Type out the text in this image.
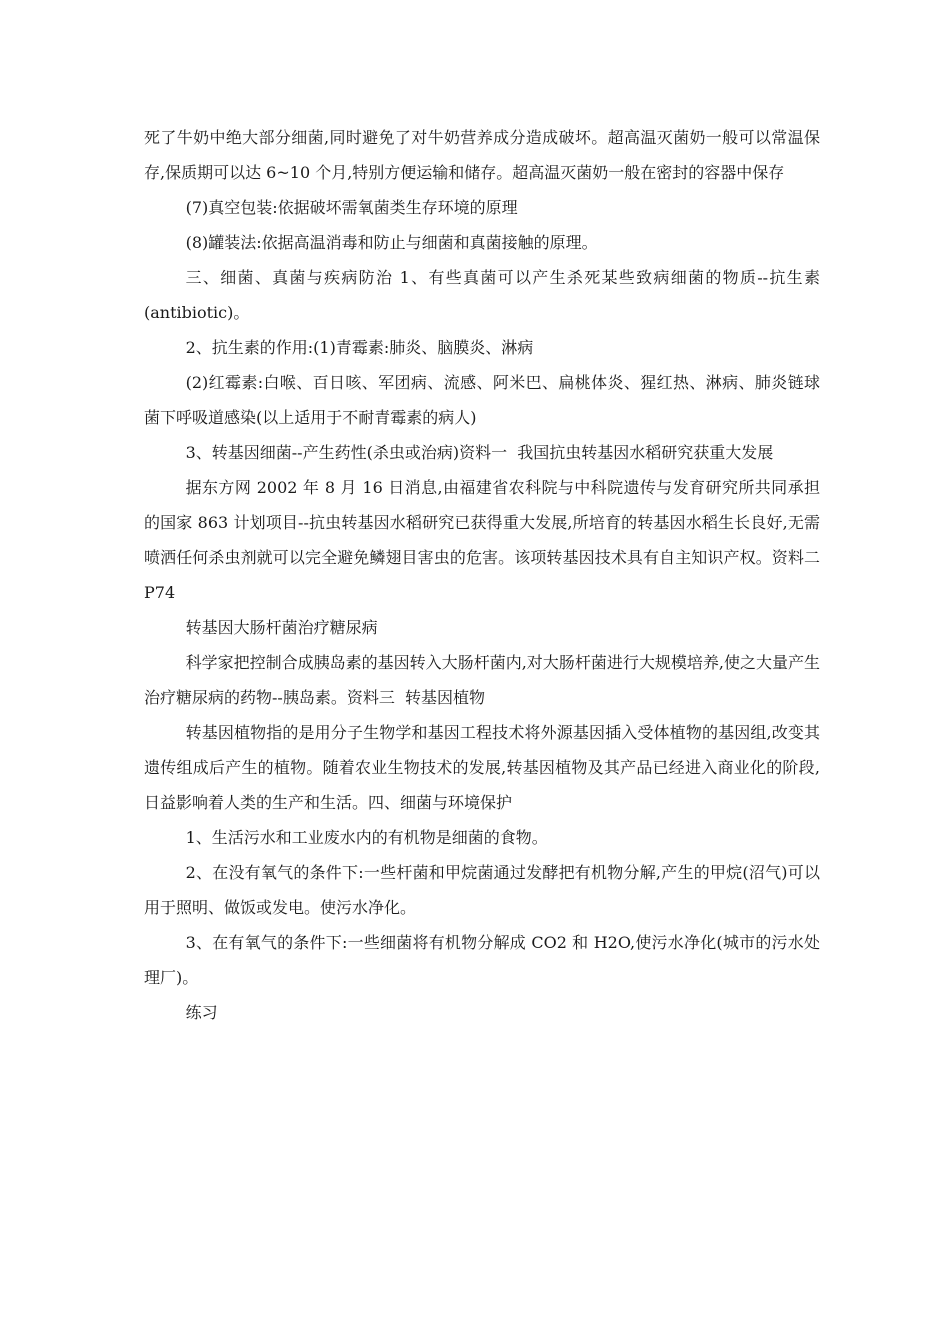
死了牛奶中绝大部分细菌,同时避免了对牛奶营养成分造成破坏。超高温灭菌奶一般可以常温保存,保质期可以达 6~10 个月,特别方便运输和储存。超高温灭菌奶一般在密封的容器中保存

(7)真空包装:依据破坏需氧菌类生存环境的原理

(8)罐装法:依据高温消毒和防止与细菌和真菌接触的原理。

三、细菌、真菌与疾病防治 1、有些真菌可以产生杀死某些致病细菌的物质--抗生素(antibiotic)。

2、抗生素的作用:(1)青霉素:肺炎、脑膜炎、淋病

(2)红霉素:白喉、百日咳、军团病、流感、阿米巴、扁桃体炎、猩红热、淋病、肺炎链球菌下呼吸道感染(以上适用于不耐青霉素的病人)

3、转基因细菌--产生药性(杀虫或治病)资料一  我国抗虫转基因水稻研究获重大发展

据东方网 2002 年 8 月 16 日消息,由福建省农科院与中科院遗传与发育研究所共同承担的国家 863 计划项目--抗虫转基因水稻研究已获得重大发展,所培育的转基因水稻生长良好,无需喷洒任何杀虫剂就可以完全避免鳞翅目害虫的危害。该项转基因技术具有自主知识产权。资料二     P74

转基因大肠杆菌治疗糖尿病

科学家把控制合成胰岛素的基因转入大肠杆菌内,对大肠杆菌进行大规模培养,使之大量产生治疗糖尿病的药物--胰岛素。资料三  转基因植物

转基因植物指的是用分子生物学和基因工程技术将外源基因插入受体植物的基因组,改变其遗传组成后产生的植物。随着农业生物技术的发展,转基因植物及其产品已经进入商业化的阶段,日益影响着人类的生产和生活。四、细菌与环境保护

1、生活污水和工业废水内的有机物是细菌的食物。

2、在没有氧气的条件下:一些杆菌和甲烷菌通过发酵把有机物分解,产生的甲烷(沼气)可以用于照明、做饭或发电。使污水净化。

3、在有氧气的条件下:一些细菌将有机物分解成 CO2 和 H2O,使污水净化(城市的污水处理厂)。

练习
